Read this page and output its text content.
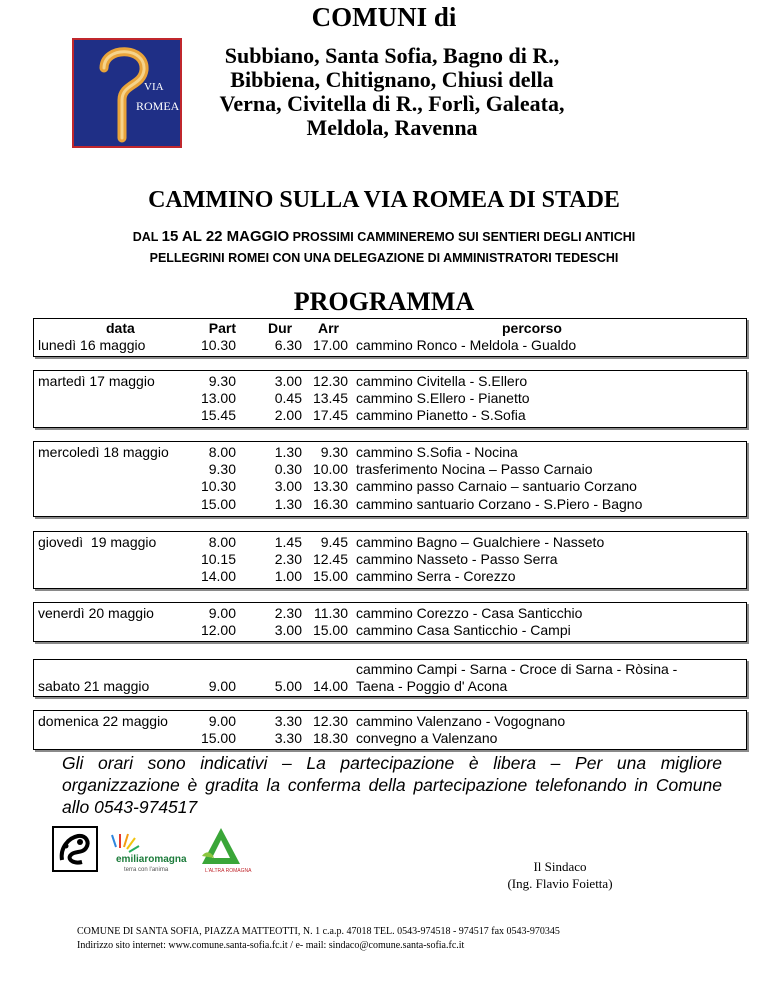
VIA
ROMEA
COMUNI di
Subbiano, Santa Sofia, Bagno di R.,
Bibbiena, Chitignano, Chiusi della
Verna, Civitella di R., Forlì, Galeata,
Meldola, Ravenna
CAMMINO SULLA VIA ROMEA DI STADE
DAL 15 AL 22 MAGGIO PROSSIMI CAMMINEREMO SUI SENTIERI DEGLI ANTICHI
PELLEGRINI ROMEI CON UNA DELEGAZIONE DI AMMINISTRATORI TEDESCHI
PROGRAMMA
data	Part Dur Arr	percorso
lunedì 16 maggio	10.30	6.30 17.00 cammino Ronco - Meldola - Gualdo
martedì 17 maggio	9.30	3.00 12.30 cammino Civitella - S.Ellero
13.00	0.45 13.45 cammino S.Ellero - Pianetto
15.45	2.00 17.45 cammino Pianetto - S.Sofia
mercoledì 18 maggio	8.00	1.30	9.30 cammino S.Sofia - Nocina
9.30	0.30 10.00 trasferimento Nocina – Passo Carnaio
10.30	3.00 13.30 cammino passo Carnaio – santuario Corzano
15.00	1.30 16.30 cammino santuario Corzano - S.Piero - Bagno
giovedì  19 maggio	8.00	1.45	9.45 cammino Bagno – Gualchiere - Nasseto
10.15	2.30 12.45 cammino Nasseto - Passo Serra
14.00	1.00 15.00 cammino Serra - Corezzo
venerdì 20 maggio	9.00	2.30 11.30 cammino Corezzo - Casa Santicchio
12.00	3.00 15.00 cammino Casa Santicchio - Campi
cammino Campi - Sarna - Croce di Sarna - Ròsina -
sabato 21 maggio	9.00	5.00 14.00 Taena - Poggio d' Acona
domenica 22 maggio	9.00	3.30 12.30 cammino Valenzano - Vogognano
15.00	3.30 18.30 convegno a Valenzano
Gli orari sono indicativi – La partecipazione è libera – Per una migliore organizzazione è gradita la conferma della partecipazione telefonando in Comune allo 0543-974517
emiliaromagna
terra con l'anima	L'ALTRA ROMAGNA	Il Sindaco
(Ing. Flavio Foietta)
COMUNE DI SANTA SOFIA, PIAZZA MATTEOTTI, N. 1 c.a.p. 47018 TEL. 0543-974518 - 974517 fax 0543-970345
Indirizzo sito internet: www.comune.santa-sofia.fc.it / e- mail: sindaco@comune.santa-sofia.fc.it
